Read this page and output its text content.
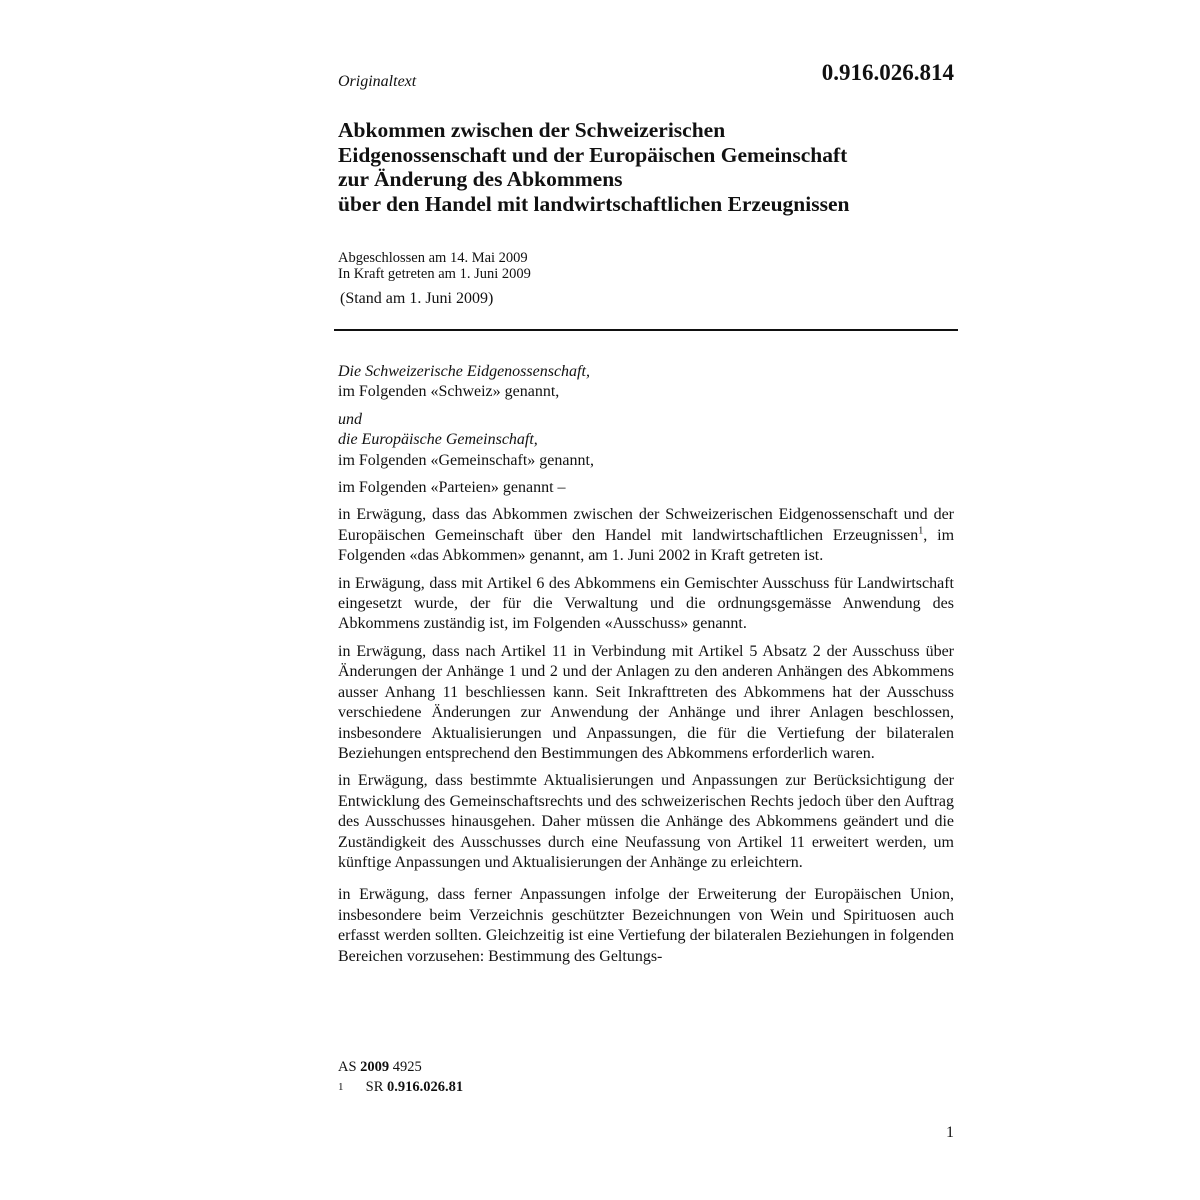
Originaltext	0.916.026.814
Abkommen zwischen der Schweizerischen
Eidgenossenschaft und der Europäischen Gemeinschaft
zur Änderung des Abkommens
über den Handel mit landwirtschaftlichen Erzeugnissen
Abgeschlossen am 14. Mai 2009
In Kraft getreten am 1. Juni 2009
(Stand am 1. Juni 2009)

Die Schweizerische Eidgenossenschaft,
im Folgenden «Schweiz» genannt,

und
die Europäische Gemeinschaft,
im Folgenden «Gemeinschaft» genannt,

im Folgenden «Parteien» genannt –

in Erwägung, dass das Abkommen zwischen der Schweizerischen Eidgenossenschaft und der Europäischen Gemeinschaft über den Handel mit landwirtschaftlichen Erzeugnissen$^1$, im Folgenden «das Abkommen» genannt, am 1. Juni 2002 in Kraft getreten ist.

in Erwägung, dass mit Artikel 6 des Abkommens ein Gemischter Ausschuss für Landwirtschaft eingesetzt wurde, der für die Verwaltung und die ordnungsgemässe Anwendung des Abkommens zuständig ist, im Folgenden «Ausschuss» genannt.

in Erwägung, dass nach Artikel 11 in Verbindung mit Artikel 5 Absatz 2 der Ausschuss über Änderungen der Anhänge 1 und 2 und der Anlagen zu den anderen Anhängen des Abkommens ausser Anhang 11 beschliessen kann. Seit Inkrafttreten des Abkommens hat der Ausschuss verschiedene Änderungen zur Anwendung der Anhänge und ihrer Anlagen beschlossen, insbesondere Aktualisierungen und Anpassungen, die für die Vertiefung der bilateralen Beziehungen entsprechend den Bestimmungen des Abkommens erforderlich waren.

in Erwägung, dass bestimmte Aktualisierungen und Anpassungen zur Berücksichtigung der Entwicklung des Gemeinschaftsrechts und des schweizerischen Rechts jedoch über den Auftrag des Ausschusses hinausgehen. Daher müssen die Anhänge des Abkommens geändert und die Zuständigkeit des Ausschusses durch eine Neufassung von Artikel 11 erweitert werden, um künftige Anpassungen und Aktualisierungen der Anhänge zu erleichtern.

in Erwägung, dass ferner Anpassungen infolge der Erweiterung der Europäischen Union, insbesondere beim Verzeichnis geschützter Bezeichnungen von Wein und Spirituosen auch erfasst werden sollten. Gleichzeitig ist eine Vertiefung der bilateralen Beziehungen in folgenden Bereichen vorzusehen: Bestimmung des Geltungs-

AS 2009 4925
1 SR 0.916.026.81
1
